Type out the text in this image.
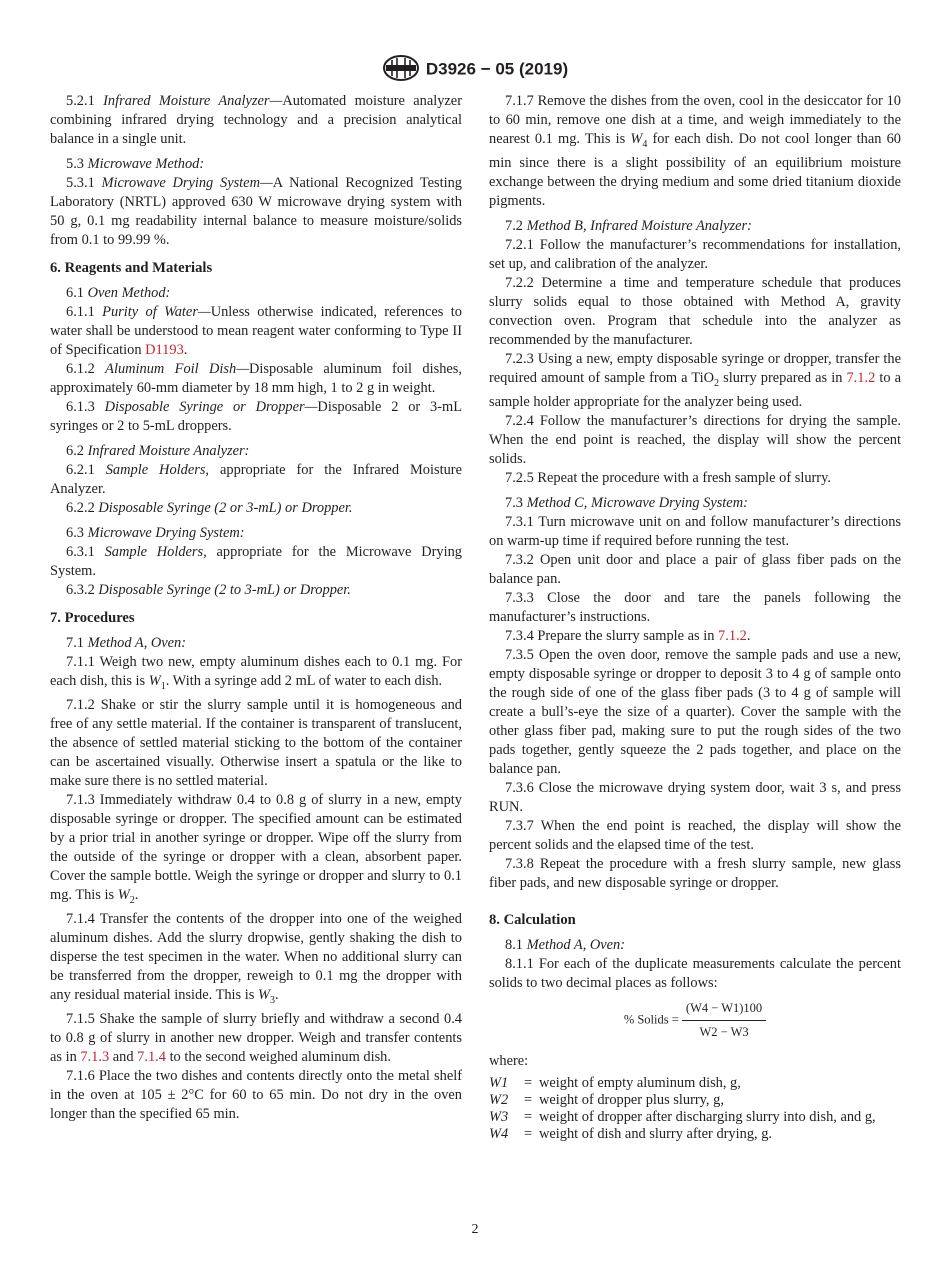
D3926 − 05 (2019)

5.2.1 Infrared Moisture Analyzer—Automated moisture analyzer combining infrared drying technology and a precision analytical balance in a single unit.

5.3 Microwave Method:

5.3.1 Microwave Drying System—A National Recognized Testing Laboratory (NRTL) approved 630 W microwave drying system with 50 g, 0.1 mg readability internal balance to measure moisture/solids from 0.1 to 99.99 %.

6. Reagents and Materials

6.1 Oven Method:

6.1.1 Purity of Water—Unless otherwise indicated, references to water shall be understood to mean reagent water conforming to Type II of Specification D1193.

6.1.2 Aluminum Foil Dish—Disposable aluminum foil dishes, approximately 60-mm diameter by 18 mm high, 1 to 2 g in weight.

6.1.3 Disposable Syringe or Dropper—Disposable 2 or 3-mL syringes or 2 to 5-mL droppers.

6.2 Infrared Moisture Analyzer:

6.2.1 Sample Holders, appropriate for the Infrared Moisture Analyzer.

6.2.2 Disposable Syringe (2 or 3-mL) or Dropper.

6.3 Microwave Drying System:

6.3.1 Sample Holders, appropriate for the Microwave Drying System.

6.3.2 Disposable Syringe (2 to 3-mL) or Dropper.

7. Procedures

7.1 Method A, Oven:

7.1.1 Weigh two new, empty aluminum dishes each to 0.1 mg. For each dish, this is $W_1$. With a syringe add 2 mL of water to each dish.

7.1.2 Shake or stir the slurry sample until it is homogeneous and free of any settle material. If the container is transparent of translucent, the absence of settled material sticking to the bottom of the container can be ascertained visually. Otherwise insert a spatula or the like to make sure there is no settled material.

7.1.3 Immediately withdraw 0.4 to 0.8 g of slurry in a new, empty disposable syringe or dropper. The specified amount can be estimated by a prior trial in another syringe or dropper. Wipe off the slurry from the outside of the syringe or dropper with a clean, absorbent paper. Cover the sample bottle. Weigh the syringe or dropper and slurry to 0.1 mg. This is $W_2$.

7.1.4 Transfer the contents of the dropper into one of the weighed aluminum dishes. Add the slurry dropwise, gently shaking the dish to disperse the test specimen in the water. When no additional slurry can be transferred from the dropper, reweigh to 0.1 mg the dropper with any residual material inside. This is $W_3$.

7.1.5 Shake the sample of slurry briefly and withdraw a second 0.4 to 0.8 g of slurry in another new dropper. Weigh and transfer contents as in 7.1.3 and 7.1.4 to the second weighed aluminum dish.

7.1.6 Place the two dishes and contents directly onto the metal shelf in the oven at 105 ± 2°C for 60 to 65 min. Do not dry in the oven longer than the specified 65 min.

7.1.7 Remove the dishes from the oven, cool in the desiccator for 10 to 60 min, remove one dish at a time, and weigh immediately to the nearest 0.1 mg. This is $W_4$ for each dish. Do not cool longer than 60 min since there is a slight possibility of an equilibrium moisture exchange between the drying medium and some dried titanium dioxide pigments.

7.2 Method B, Infrared Moisture Analyzer:

7.2.1 Follow the manufacturer’s recommendations for installation, set up, and calibration of the analyzer.

7.2.2 Determine a time and temperature schedule that produces slurry solids equal to those obtained with Method A, gravity convection oven. Program that schedule into the analyzer as recommended by the manufacturer.

7.2.3 Using a new, empty disposable syringe or dropper, transfer the required amount of sample from a TiO$_2$ slurry prepared as in 7.1.2 to a sample holder appropriate for the analyzer being used.

7.2.4 Follow the manufacturer’s directions for drying the sample. When the end point is reached, the display will show the percent solids.

7.2.5 Repeat the procedure with a fresh sample of slurry.

7.3 Method C, Microwave Drying System:

7.3.1 Turn microwave unit on and follow manufacturer’s directions on warm-up time if required before running the test.

7.3.2 Open unit door and place a pair of glass fiber pads on the balance pan.

7.3.3 Close the door and tare the panels following the manufacturer’s instructions.

7.3.4 Prepare the slurry sample as in 7.1.2.

7.3.5 Open the oven door, remove the sample pads and use a new, empty disposable syringe or dropper to deposit 3 to 4 g of sample onto the rough side of one of the glass fiber pads (3 to 4 g of sample will create a bull’s-eye the size of a quarter). Cover the sample with the other glass fiber pad, making sure to put the rough sides of the two pads together, gently squeeze the 2 pads together, and place on the balance pan.

7.3.6 Close the microwave drying system door, wait 3 s, and press RUN.

7.3.7 When the end point is reached, the display will show the percent solids and the elapsed time of the test.

7.3.8 Repeat the procedure with a fresh slurry sample, new glass fiber pads, and new disposable syringe or dropper.

8. Calculation

8.1 Method A, Oven:

8.1.1 For each of the duplicate measurements calculate the percent solids to two decimal places as follows:

% Solids = $\frac{(W4 - W1)100}{W2 - W3}$

where:

W1	=	weight of empty aluminum dish, g,
W2	=	weight of dropper plus slurry, g,
W3	=	weight of dropper after discharging slurry into dish, and g,
W4	=	weight of dish and slurry after drying, g.
2
